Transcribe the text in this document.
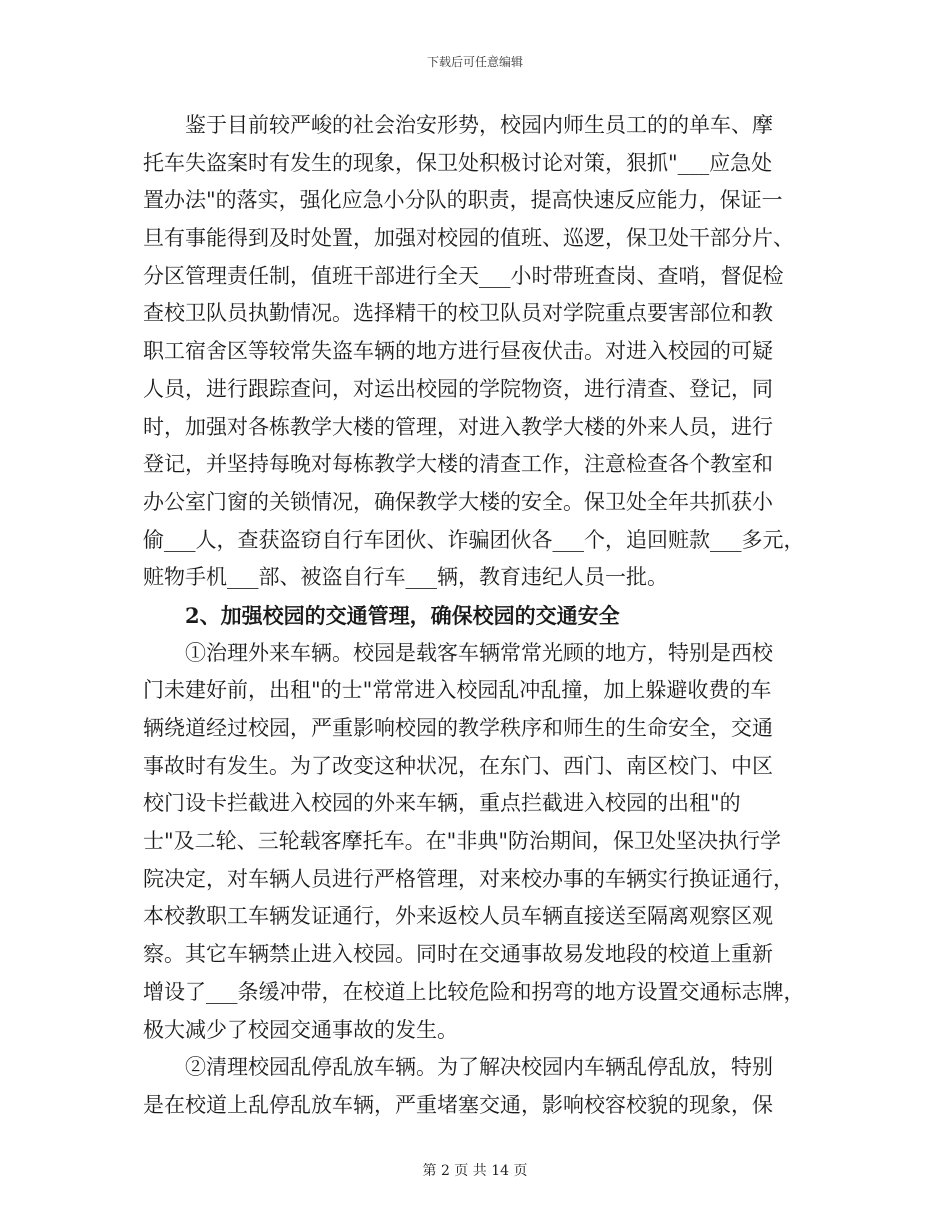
下载后可任意编辑
鉴于目前较严峻的社会治安形势，校园内师生员工的的单车、摩
托车失盗案时有发生的现象，保卫处积极讨论对策，狠抓"___应急处
置办法"的落实，强化应急小分队的职责，提高快速反应能力，保证一
旦有事能得到及时处置，加强对校园的值班、巡逻，保卫处干部分片、
分区管理责任制，值班干部进行全天___小时带班查岗、查哨，督促检
查校卫队员执勤情况。选择精干的校卫队员对学院重点要害部位和教
职工宿舍区等较常失盗车辆的地方进行昼夜伏击。对进入校园的可疑
人员，进行跟踪查问，对运出校园的学院物资，进行清查、登记，同
时，加强对各栋教学大楼的管理，对进入教学大楼的外来人员，进行
登记，并坚持每晚对每栋教学大楼的清查工作，注意检查各个教室和
办公室门窗的关锁情况，确保教学大楼的安全。保卫处全年共抓获小
偷___人，查获盗窃自行车团伙、诈骗团伙各___个，追回赃款___多元，
赃物手机___部、被盗自行车___辆，教育违纪人员一批。
2、加强校园的交通管理，确保校园的交通安全
①治理外来车辆。校园是载客车辆常常光顾的地方，特别是西校
门未建好前，出租"的士"常常进入校园乱冲乱撞，加上躲避收费的车
辆绕道经过校园，严重影响校园的教学秩序和师生的生命安全，交通
事故时有发生。为了改变这种状况，在东门、西门、南区校门、中区
校门设卡拦截进入校园的外来车辆，重点拦截进入校园的出租"的
士"及二轮、三轮载客摩托车。在"非典"防治期间，保卫处坚决执行学
院决定，对车辆人员进行严格管理，对来校办事的车辆实行换证通行，
本校教职工车辆发证通行，外来返校人员车辆直接送至隔离观察区观
察。其它车辆禁止进入校园。同时在交通事故易发地段的校道上重新
增设了___条缓冲带，在校道上比较危险和拐弯的地方设置交通标志牌，
极大减少了校园交通事故的发生。
②清理校园乱停乱放车辆。为了解决校园内车辆乱停乱放，特别
是在校道上乱停乱放车辆，严重堵塞交通，影响校容校貌的现象，保
第 2 页 共 14 页
